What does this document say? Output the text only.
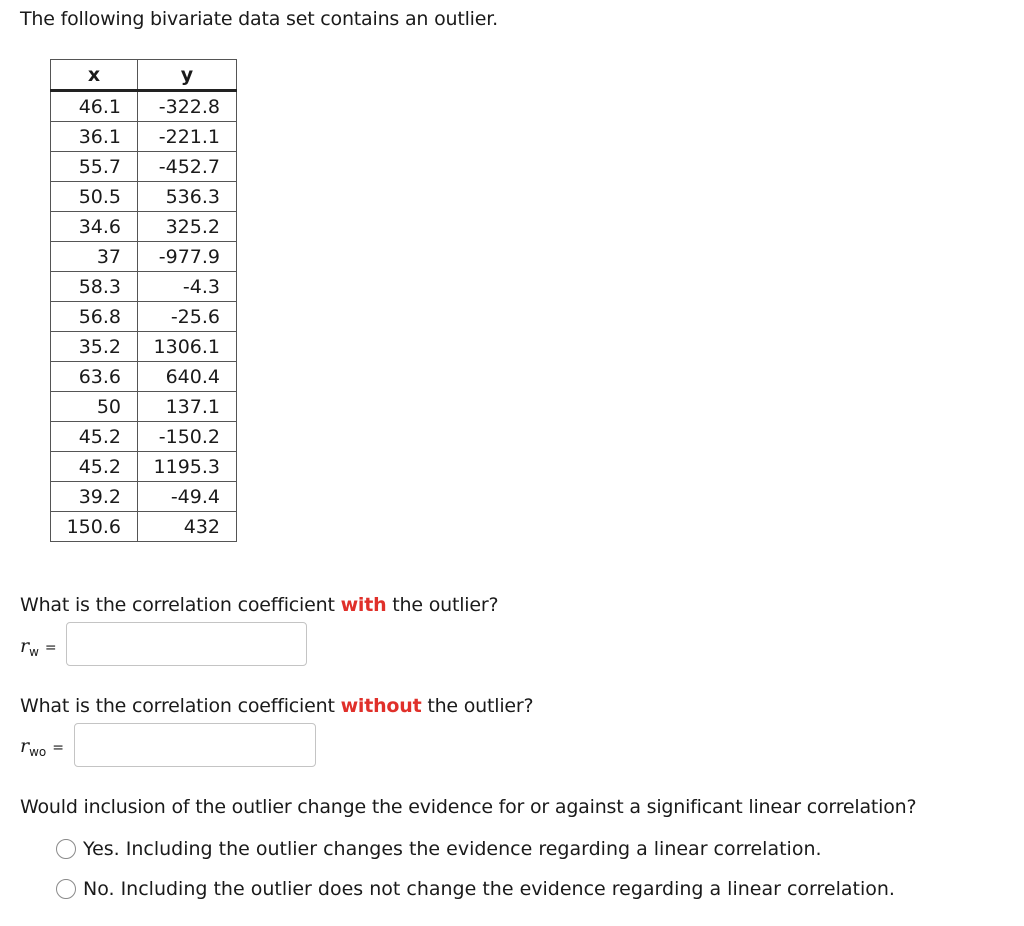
The following bivariate data set contains an outlier.
x	y
46.1	-322.8
36.1	-221.1
55.7	-452.7
50.5	536.3
34.6	325.2
37	-977.9
58.3	-4.3
56.8	-25.6
35.2	1306.1
63.6	640.4
50	137.1
45.2	-150.2
45.2	1195.3
39.2	-49.4
150.6	432
What is the correlation coefficient with the outlier?
$r_w$ =
What is the correlation coefficient without the outlier?
$r_{wo}$ =
Would inclusion of the outlier change the evidence for or against a significant linear correlation?
Yes. Including the outlier changes the evidence regarding a linear correlation.
No. Including the outlier does not change the evidence regarding a linear correlation.
